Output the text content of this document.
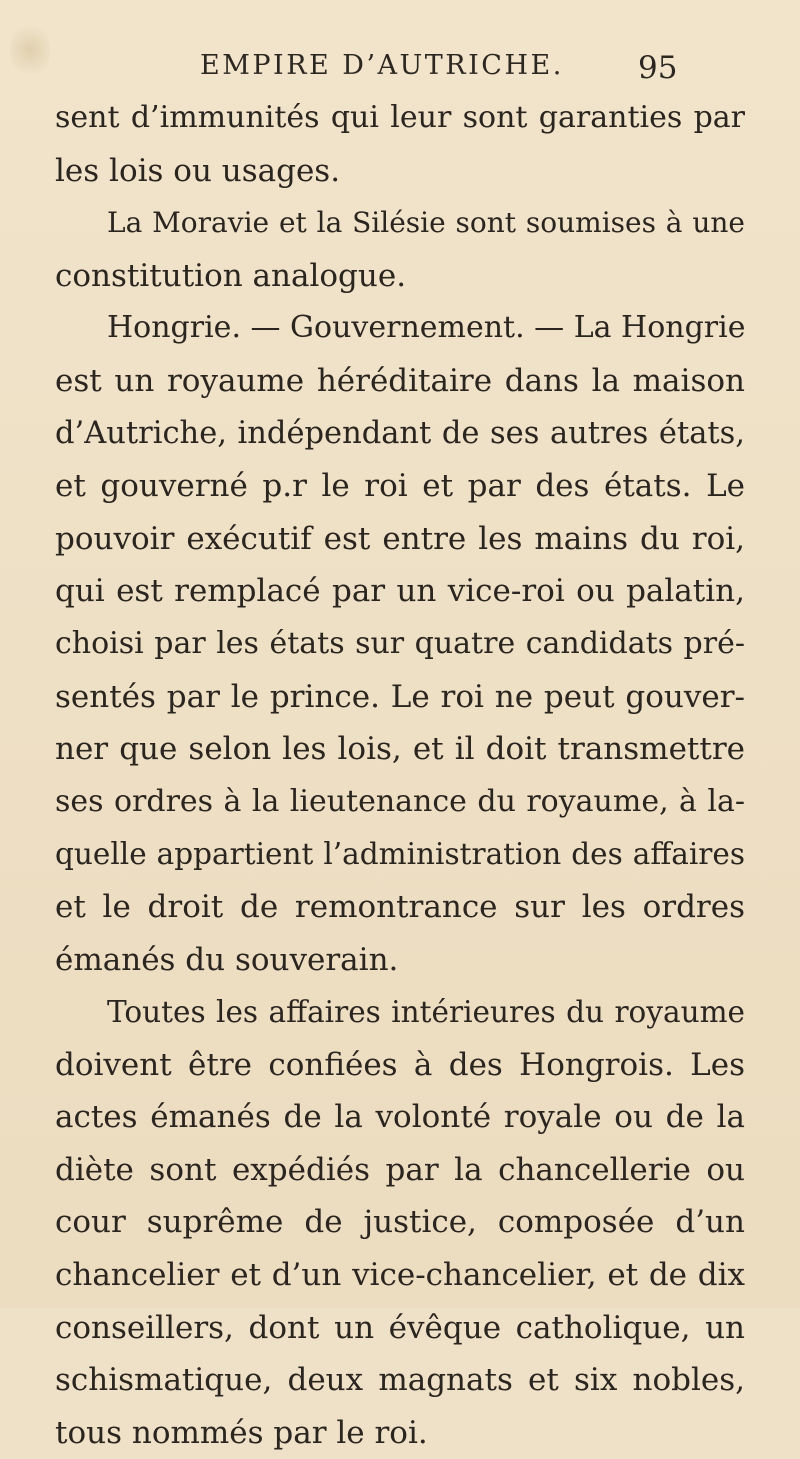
EMPIRE D’AUTRICHE. 95
sent d’immunités qui leur sont garanties par
les lois ou usages.
La Moravie et la Silésie sont soumises à une
constitution analogue.
Hongrie. — Gouvernement. — La Hongrie
est un royaume héréditaire dans la maison
d’Autriche, indépendant de ses autres états,
et gouverné p.r le roi et par des états. Le
pouvoir exécutif est entre les mains du roi,
qui est remplacé par un vice-roi ou palatin,
choisi par les états sur quatre candidats pré-
sentés par le prince. Le roi ne peut gouver-
ner que selon les lois, et il doit transmettre
ses ordres à la lieutenance du royaume, à la-
quelle appartient l’administration des affaires
et le droit de remontrance sur les ordres
émanés du souverain.
Toutes les affaires intérieures du royaume
doivent être confiées à des Hongrois. Les
actes émanés de la volonté royale ou de la
diète sont expédiés par la chancellerie ou
cour suprême de justice, composée d’un
chancelier et d’un vice-chancelier, et de dix
conseillers, dont un évêque catholique, un
schismatique, deux magnats et six nobles,
tous nommés par le roi.
